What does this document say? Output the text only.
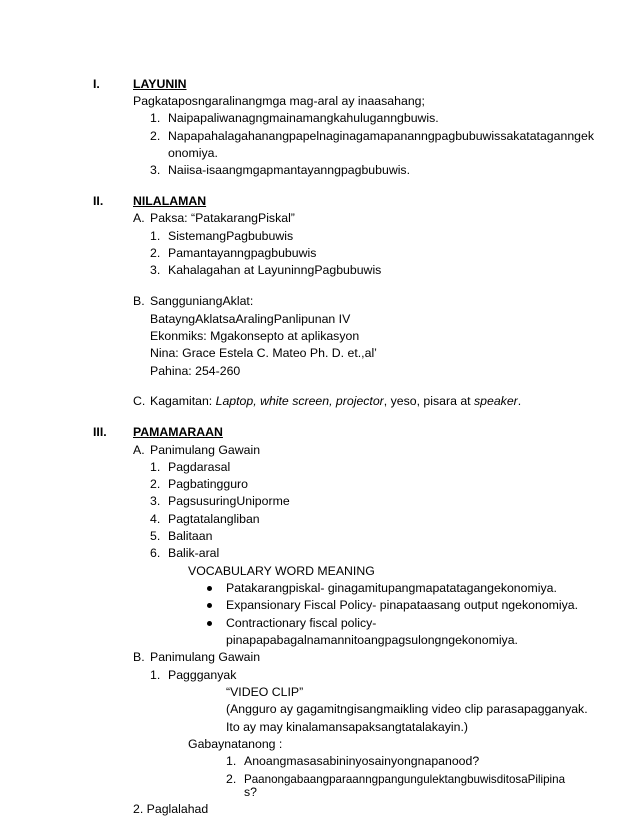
I.	LAYUNIN
Pagkataposngaralinangmga mag-aral ay inaasahang;
1. Naipapaliwanagngmainamangkahuluganngbuwis.
2. Napapahalagahanangpapelnaginagamapananngpagbubuwissakatataganngek
onomiya.
3. Naiisa-isaangmgapmantayanngpagbubuwis.
II. NILALAMAN
A. Paksa: “PatakarangPiskal”
1. SistemangPagbubuwis
2. Pamantayanngpagbubuwis
3. Kahalagahan at LayuninngPagbubuwis
B. SangguniangAklat:
BatayngAklatsaAralingPanlipunan IV
Ekonmiks: Mgakonsepto at aplikasyon
Nina: Grace Estela C. Mateo Ph. D. et.,al’
Pahina: 254-260
C. Kagamitan: Laptop, white screen, projector, yeso, pisara at speaker.
III. PAMAMARAAN
A. Panimulang Gawain
1. Pagdarasal
2. Pagbatingguro
3. PagsusuringUniporme
4. Pagtatalangliban
5. Balitaan
6. Balik-aral
VOCABULARY WORD MEANING
Patakarangpiskal- ginagamitupangmapatatagangekonomiya.
Expansionary Fiscal Policy- pinapataasang output ngekonomiya.
Contractionary fiscal policy-
pinapapabagalnamannitoangpagsulongngekonomiya.
B. Panimulang Gawain
1. Paggganyak
“VIDEO CLIP”
(Angguro ay gagamitngisangmaikling video clip parasapagganyak.
Ito ay may kinalamansapaksangtatalakayin.)
Gabaynatanong :
1. Anoangmasasabininyosainyongnapanood?
2. PaanongabaangparaanngpangungulektangbuwisditosaPilipina
s?
2. Paglalahad
